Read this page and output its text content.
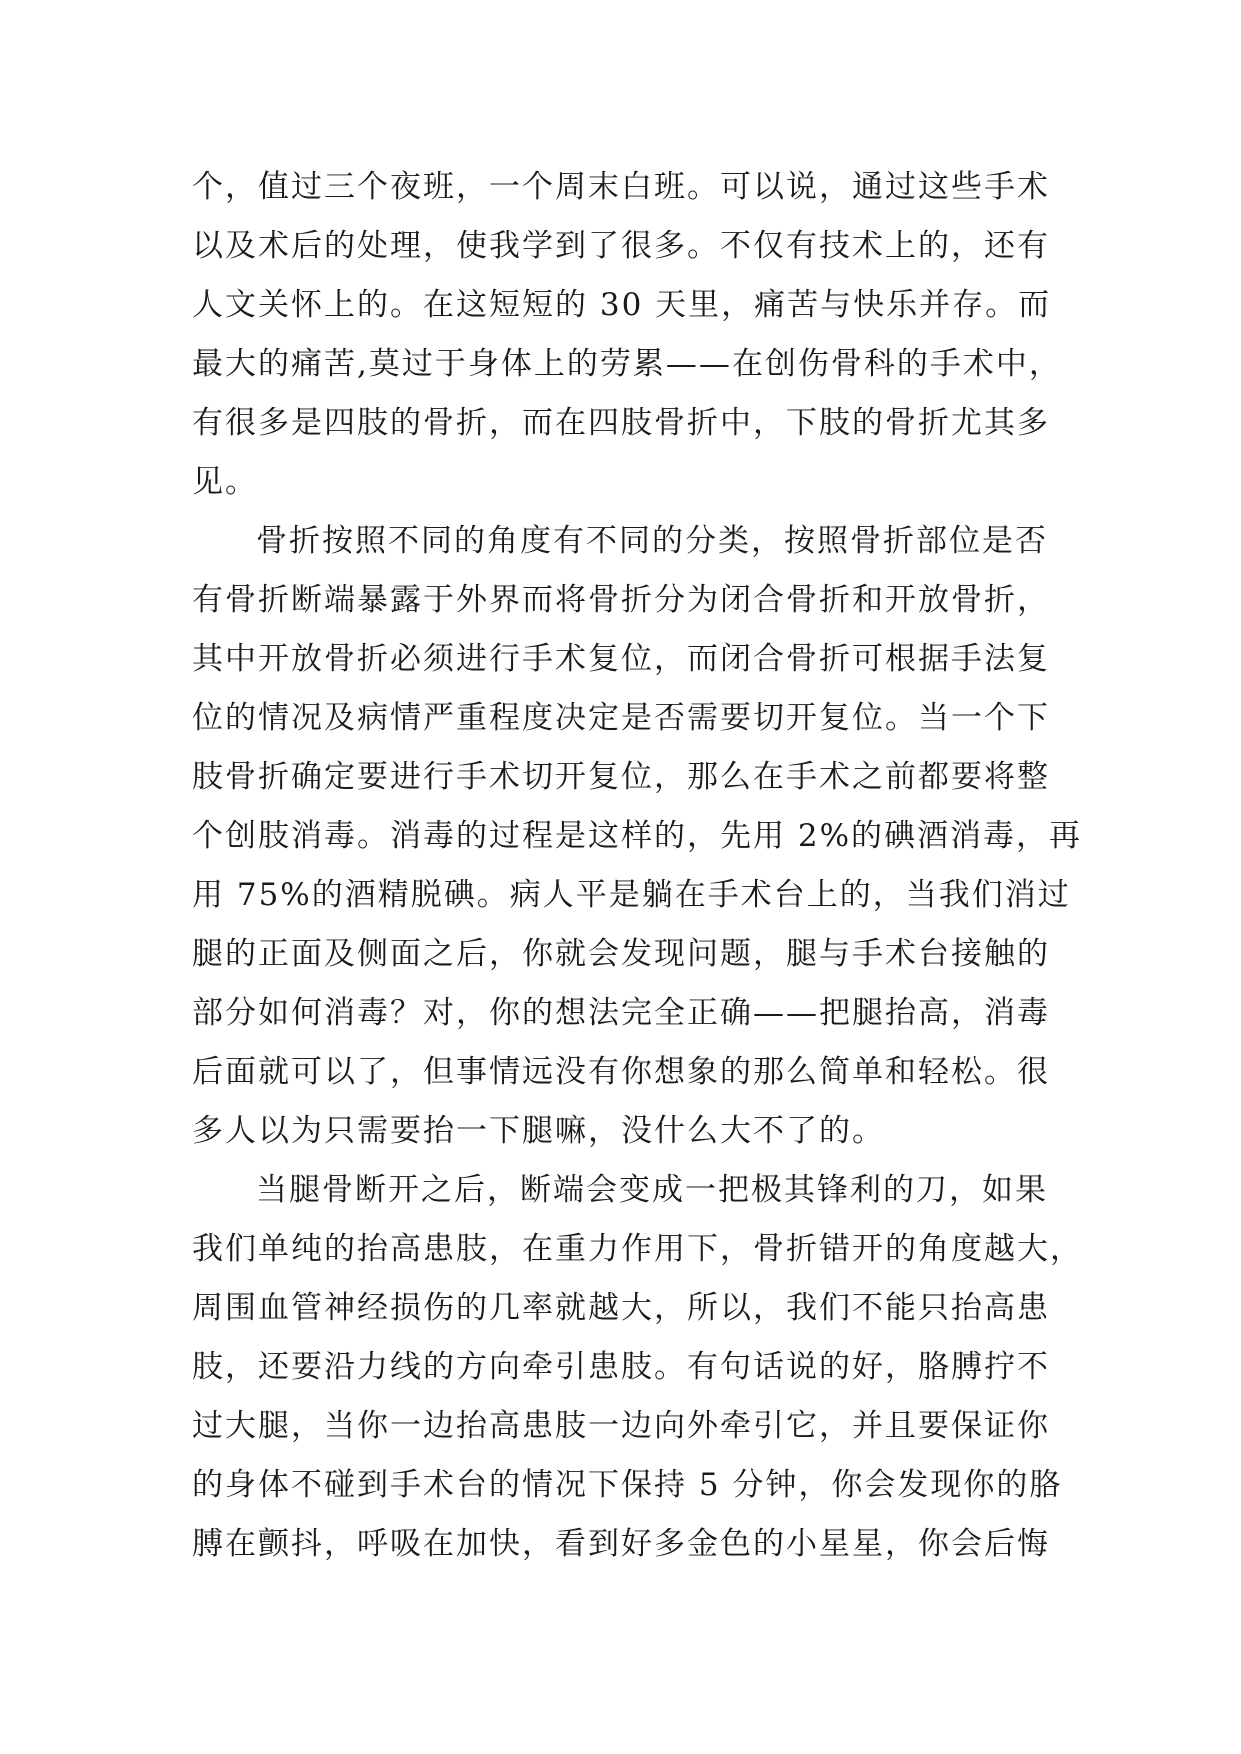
个，值过三个夜班，一个周末白班。可以说，通过这些手术
以及术后的处理，使我学到了很多。不仅有技术上的，还有
人文关怀上的。在这短短的 30 天里，痛苦与快乐并存。而
最大的痛苦,莫过于身体上的劳累——在创伤骨科的手术中，
有很多是四肢的骨折，而在四肢骨折中，下肢的骨折尤其多
见。
骨折按照不同的角度有不同的分类，按照骨折部位是否
有骨折断端暴露于外界而将骨折分为闭合骨折和开放骨折，
其中开放骨折必须进行手术复位，而闭合骨折可根据手法复
位的情况及病情严重程度决定是否需要切开复位。当一个下
肢骨折确定要进行手术切开复位，那么在手术之前都要将整
个创肢消毒。消毒的过程是这样的，先用 2%的碘酒消毒，再
用 75%的酒精脱碘。病人平是躺在手术台上的，当我们消过
腿的正面及侧面之后，你就会发现问题，腿与手术台接触的
部分如何消毒？对，你的想法完全正确——把腿抬高，消毒
后面就可以了，但事情远没有你想象的那么简单和轻松。很
多人以为只需要抬一下腿嘛，没什么大不了的。
当腿骨断开之后，断端会变成一把极其锋利的刀，如果
我们单纯的抬高患肢，在重力作用下，骨折错开的角度越大，
周围血管神经损伤的几率就越大，所以，我们不能只抬高患
肢，还要沿力线的方向牵引患肢。有句话说的好，胳膊拧不
过大腿，当你一边抬高患肢一边向外牵引它，并且要保证你
的身体不碰到手术台的情况下保持 5 分钟，你会发现你的胳
膊在颤抖，呼吸在加快，看到好多金色的小星星，你会后悔
